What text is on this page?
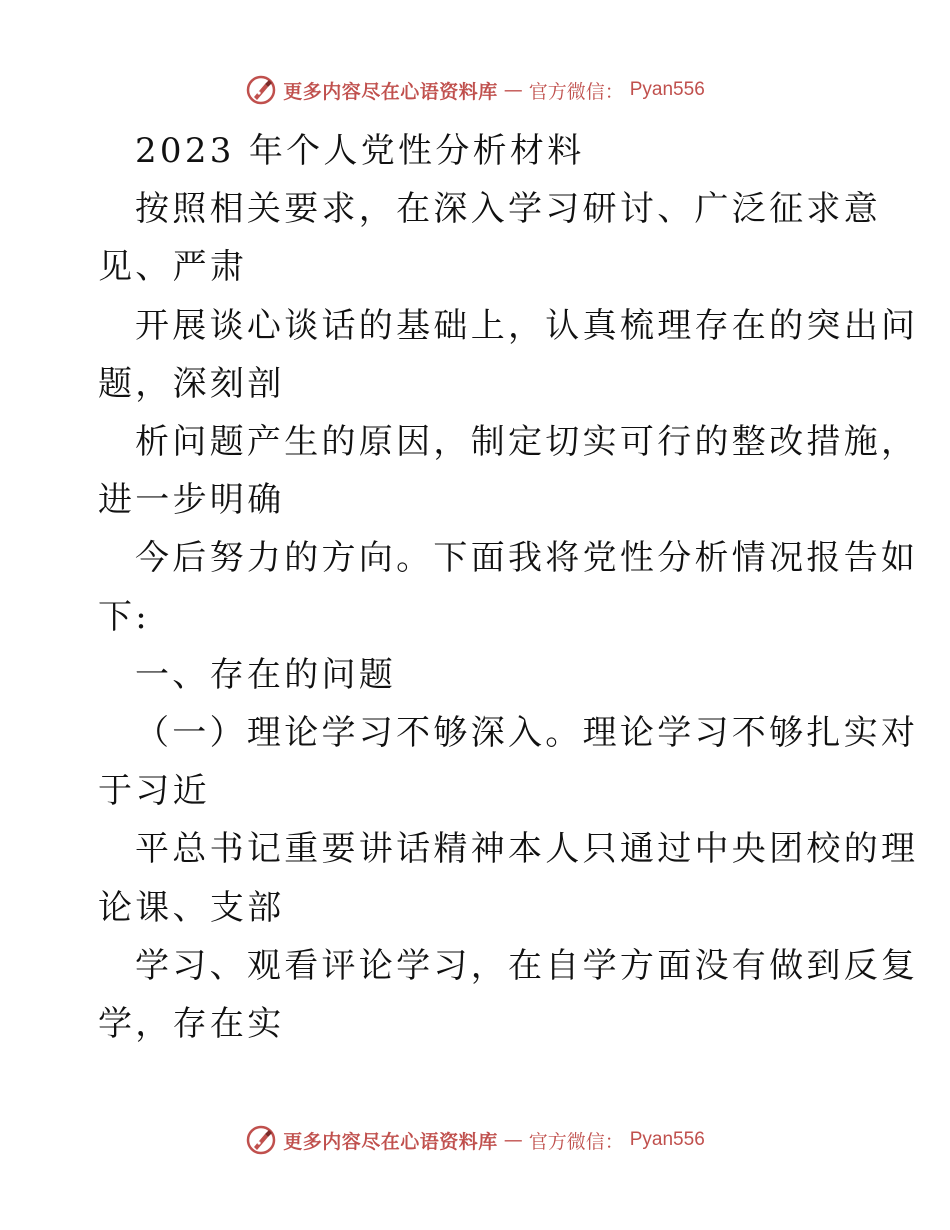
更多内容尽在心语资料库 — 官方微信： Pyan556
2023 年个人党性分析材料
按照相关要求，在深入学习研讨、广泛征求意
见、严肃
开展谈心谈话的基础上，认真梳理存在的突出问
题，深刻剖
析问题产生的原因，制定切实可行的整改措施，
进一步明确
今后努力的方向。下面我将党性分析情况报告如
下:
一、存在的问题
（一）理论学习不够深入。理论学习不够扎实对
于习近
平总书记重要讲话精神本人只通过中央团校的理
论课、支部
学习、观看评论学习，在自学方面没有做到反复
学，存在实
更多内容尽在心语资料库 — 官方微信： Pyan556
